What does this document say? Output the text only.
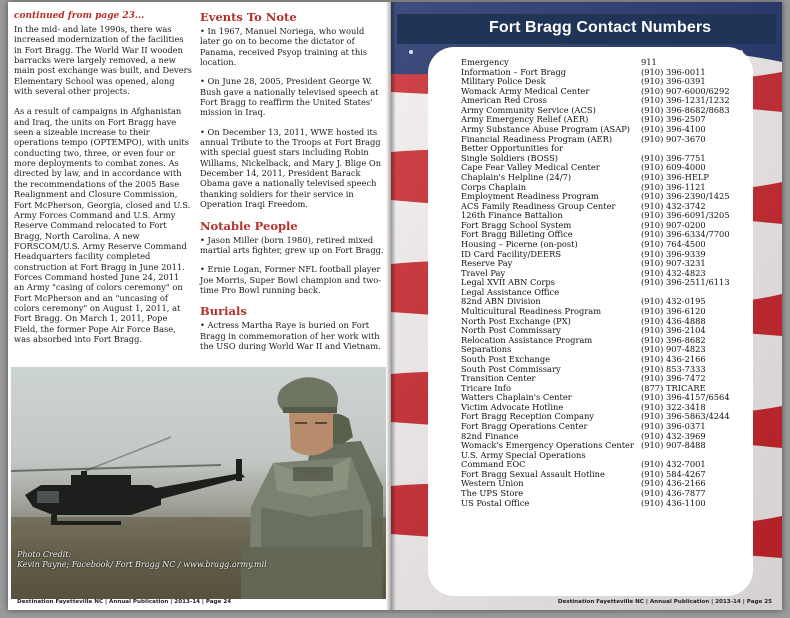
continued from page 23...

In the mid- and late 1990s, there was increased modernization of the facilities in Fort Bragg. The World War II wooden barracks were largely removed, a new main post exchange was built, and Devers Elementary School was opened, along with several other projects.

As a result of campaigns in Afghanistan and Iraq, the units on Fort Bragg have seen a sizeable increase to their operations tempo (OPTEMPO), with units conducting two, three, or even four or more deployments to combat zones. As directed by law, and in accordance with the recommendations of the 2005 Base Realignment and Closure Commission, Fort McPherson, Georgia, closed and U.S. Army Forces Command and U.S. Army Reserve Command relocated to Fort Bragg, North Carolina. A new FORSCOM/U.S. Army Reserve Command Headquarters facility completed construction at Fort Bragg in June 2011. Forces Command hosted June 24, 2011 an Army "casing of colors ceremony" on Fort McPherson and an "uncasing of colors ceremony" on August 1, 2011, at Fort Bragg. On March 1, 2011, Pope Field, the former Pope Air Force Base, was absorbed into Fort Bragg.

Events To Note

• In 1967, Manuel Noriega, who would later go on to become the dictator of Panama, received Psyop training at this location.

• On June 28, 2005, President George W. Bush gave a nationally televised speech at Fort Bragg to reaffirm the United States' mission in Iraq.

• On December 13, 2011, WWE hosted its annual Tribute to the Troops at Fort Bragg with special guest stars including Robin Williams, Nickelback, and Mary J. Blige On December 14, 2011, President Barack Obama gave a nationally televised speech thanking soldiers for their service in Operation Iraqi Freedom.

Notable People

• Jason Miller (born 1980), retired mixed martial arts fighter, grew up on Fort Bragg.

• Ernie Logan, Former NFL football player Joe Morris, Super Bowl champion and two-time Pro Bowl running back.

Burials

• Actress Martha Raye is buried on Fort Bragg in commemoration of her work with the USO during World War II and Vietnam.

Photo Credit:
Kevin Payne; Facebook/ Fort Bragg NC / www.bragg.army.mil
Destination Fayetteville NC | Annual Publication | 2013-14 | Page 24
Fort Bragg Contact Numbers
Destination Fayetteville NC | Annual Publication | 2013-14 | Page 25
Emergency	911
Information – Fort Bragg	(910) 396-0011
Military Police Desk	(910) 396-0391
Womack Army Medical Center	(910) 907-6000/6292
American Red Cross	(910) 396-1231/1232
Army Community Service (ACS)	(910) 396-8682/8683
Army Emergency Relief (AER)	(910) 396-2507
Army Substance Abuse Program (ASAP) (910) 396-4100
Financial Readiness Program (AER)	(910) 907-3670
Better Opportunities for
Single Soldiers (BOSS)	(910) 396-7751
Cape Fear Valley Medical Center	(910) 609-4000
Chaplain's Helpline (24/7)	(910) 396-HELP
Corps Chaplain	(910) 396-1121
Employment Readiness Program	(910) 396-2390/1425
ACS Family Readiness Group Center	(910) 432-3742
126th Finance Battalion	(910) 396-6091/3205
Fort Bragg School System	(910) 907-0200
Fort Bragg Billeting Office	(910) 396-6334/7700
Housing – Picerne (on-post)	(910) 764-4500
ID Card Facility/DEERS	(910) 396-9339
Reserve Pay	(910) 907-3231
Travel Pay	(910) 432-4823
Legal XVII ABN Corps	(910) 396-2511/6113
Legal Assistance Office
82nd ABN Division	(910) 432-0195
Multicultural Readiness Program	(910) 396-6120
North Post Exchange (PX)	(910) 436-4888
North Post Commissary	(910) 396-2104
Relocation Assistance Program	(910) 396-8682
Separations	(910) 907-4823
South Post Exchange	(910) 436-2166
South Post Commissary	(910) 853-7333
Transition Center	(910) 396-7472
Tricare Info	(877) TRICARE
Watters Chaplain's Center	(910) 396-4157/6564
Victim Advocate Hotline	(910) 322-3418
Fort Bragg Reception Company	(910) 396-5863/4244
Fort Bragg Operations Center	(910) 396-0371
82nd Finance	(910) 432-3969
Womack's Emergency Operations Center (910) 907-8488
U.S. Army Special Operations
Command EOC	(910) 432-7001
Fort Bragg Sexual Assault Hotline	(910) 584-4267
Western Union	(910) 436-2166
The UPS Store	(910) 436-7877
US Postal Office	(910) 436-1100
